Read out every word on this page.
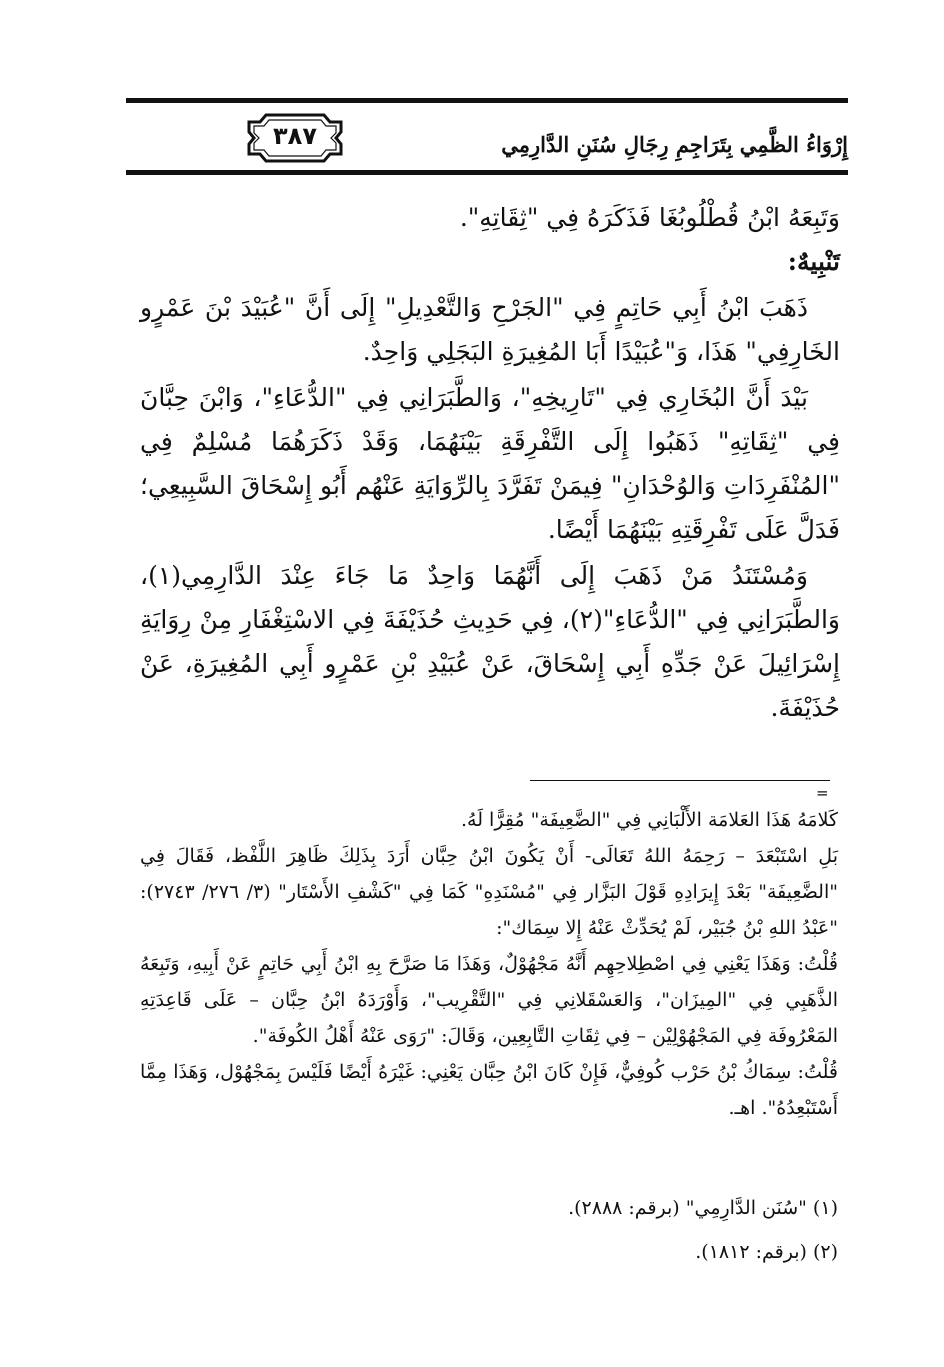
إِرْوَاءُ الظَّمِي بِتَرَاجِمِ رِجَالِ سُنَنِ الدَّارِمِي
٣٨٧

وَتَبِعَهُ ابْنُ قُطْلُوبُغَا فَذَكَرَهُ فِي "ثِقَاتِهِ".

تَنْبِيهٌ:

ذَهَبَ ابْنُ أَبِي حَاتِمٍ فِي "الجَرْحِ وَالتَّعْدِيلِ" إِلَى أَنَّ "عُبَيْدَ بْنَ عَمْرٍو الخَارِفِي" هَذَا، وَ"عُبَيْدًا أَبَا المُغِيرَةِ البَجَلِي وَاحِدٌ.

بَيْدَ أَنَّ البُخَارِي فِي "تَارِيخِهِ"، وَالطَّبَرَانِي فِي "الدُّعَاءِ"، وَابْنَ حِبَّانَ فِي "ثِقَاتِهِ" ذَهَبُوا إِلَى التَّفْرِقَةِ بَيْنَهُمَا، وَقَدْ ذَكَرَهُمَا مُسْلِمٌ فِي "المُنْفَرِدَاتِ وَالوُحْدَانِ" فِيمَنْ تَفَرَّدَ بِالرِّوَايَةِ عَنْهُم أَبُو إِسْحَاقَ السَّبِيعِي؛ فَدَلَّ عَلَى تَفْرِقَتِهِ بَيْنَهُمَا أَيْضًا.

وَمُسْتَنَدُ مَنْ ذَهَبَ إِلَى أَنَّهُمَا وَاحِدٌ مَا جَاءَ عِنْدَ الدَّارِمِي(١)، وَالطَّبَرَانِي فِي "الدُّعَاءِ"(٢)، فِي حَدِيثِ حُذَيْفَةَ فِي الاسْتِغْفَارِ مِنْ رِوَايَةِ إِسْرَائِيلَ عَنْ جَدِّهِ أَبِي إِسْحَاقَ، عَنْ عُبَيْدِ بْنِ عَمْرٍو أَبِي المُغِيرَةِ، عَنْ حُذَيْفَةَ.

=

كَلامَهُ هَذَا العَلامَة الأَلْبَانِي فِي "الضَّعِيفَة" مُقِرًّا لَهُ.

بَلِ اسْتَبْعَدَ – رَحِمَهُ اللهُ تَعَالَى- أَنْ يَكُونَ ابْنُ حِبَّان أَرَدَ بِذَلِكَ ظَاهِرَ اللَّفْظ، فَقَالَ فِي "الضَّعِيفَة" بَعْدَ إِيرَادِهِ قَوْلَ البَزَّار فِي "مُسْنَدِهِ" كَمَا فِي "كَشْفِ الأَسْتَار" (٣/ ٢٧٦/ ٢٧٤٣): "عَبْدُ اللهِ بْنُ جُبَيْر، لَمْ يُحَدِّثْ عَنْهُ إِلا سِمَاك":

قُلْتُ: وَهَذَا يَعْنِي فِي اصْطِلاحِهِم أَنَّهُ مَجْهُوْلٌ، وَهَذَا مَا صَرَّحَ بِهِ ابْنُ أَبِي حَاتِمٍ عَنْ أَبِيهِ، وَتَبِعَهُ الذَّهَبِي فِي "المِيزَان"، وَالعَسْقَلانِي فِي "التَّقْرِيب"، وَأَوْرَدَهُ ابْنُ حِبَّان – عَلَى قَاعِدَتِهِ المَعْرُوفَة فِي المَجْهُوْلِيْن – فِي ثِقَاتِ التَّابِعِين، وَقَالَ: "رَوَى عَنْهُ أَهْلُ الكُوفَة".

قُلْتُ: سِمَاكُ بْنُ حَرْب كُوفِيٌّ، فَإِنْ كَانَ ابْنُ حِبَّان يَعْنِي: غَيْرَهُ أَيْضًا فَلَيْسَ بِمَجْهُوْل، وَهَذَا مِمَّا أَسْتَبْعِدُهُ". اهـ.

(١) "سُنَن الدَّارِمِي" (برقم: ٢٨٨٨).

(٢) (برقم: ١٨١٢).
